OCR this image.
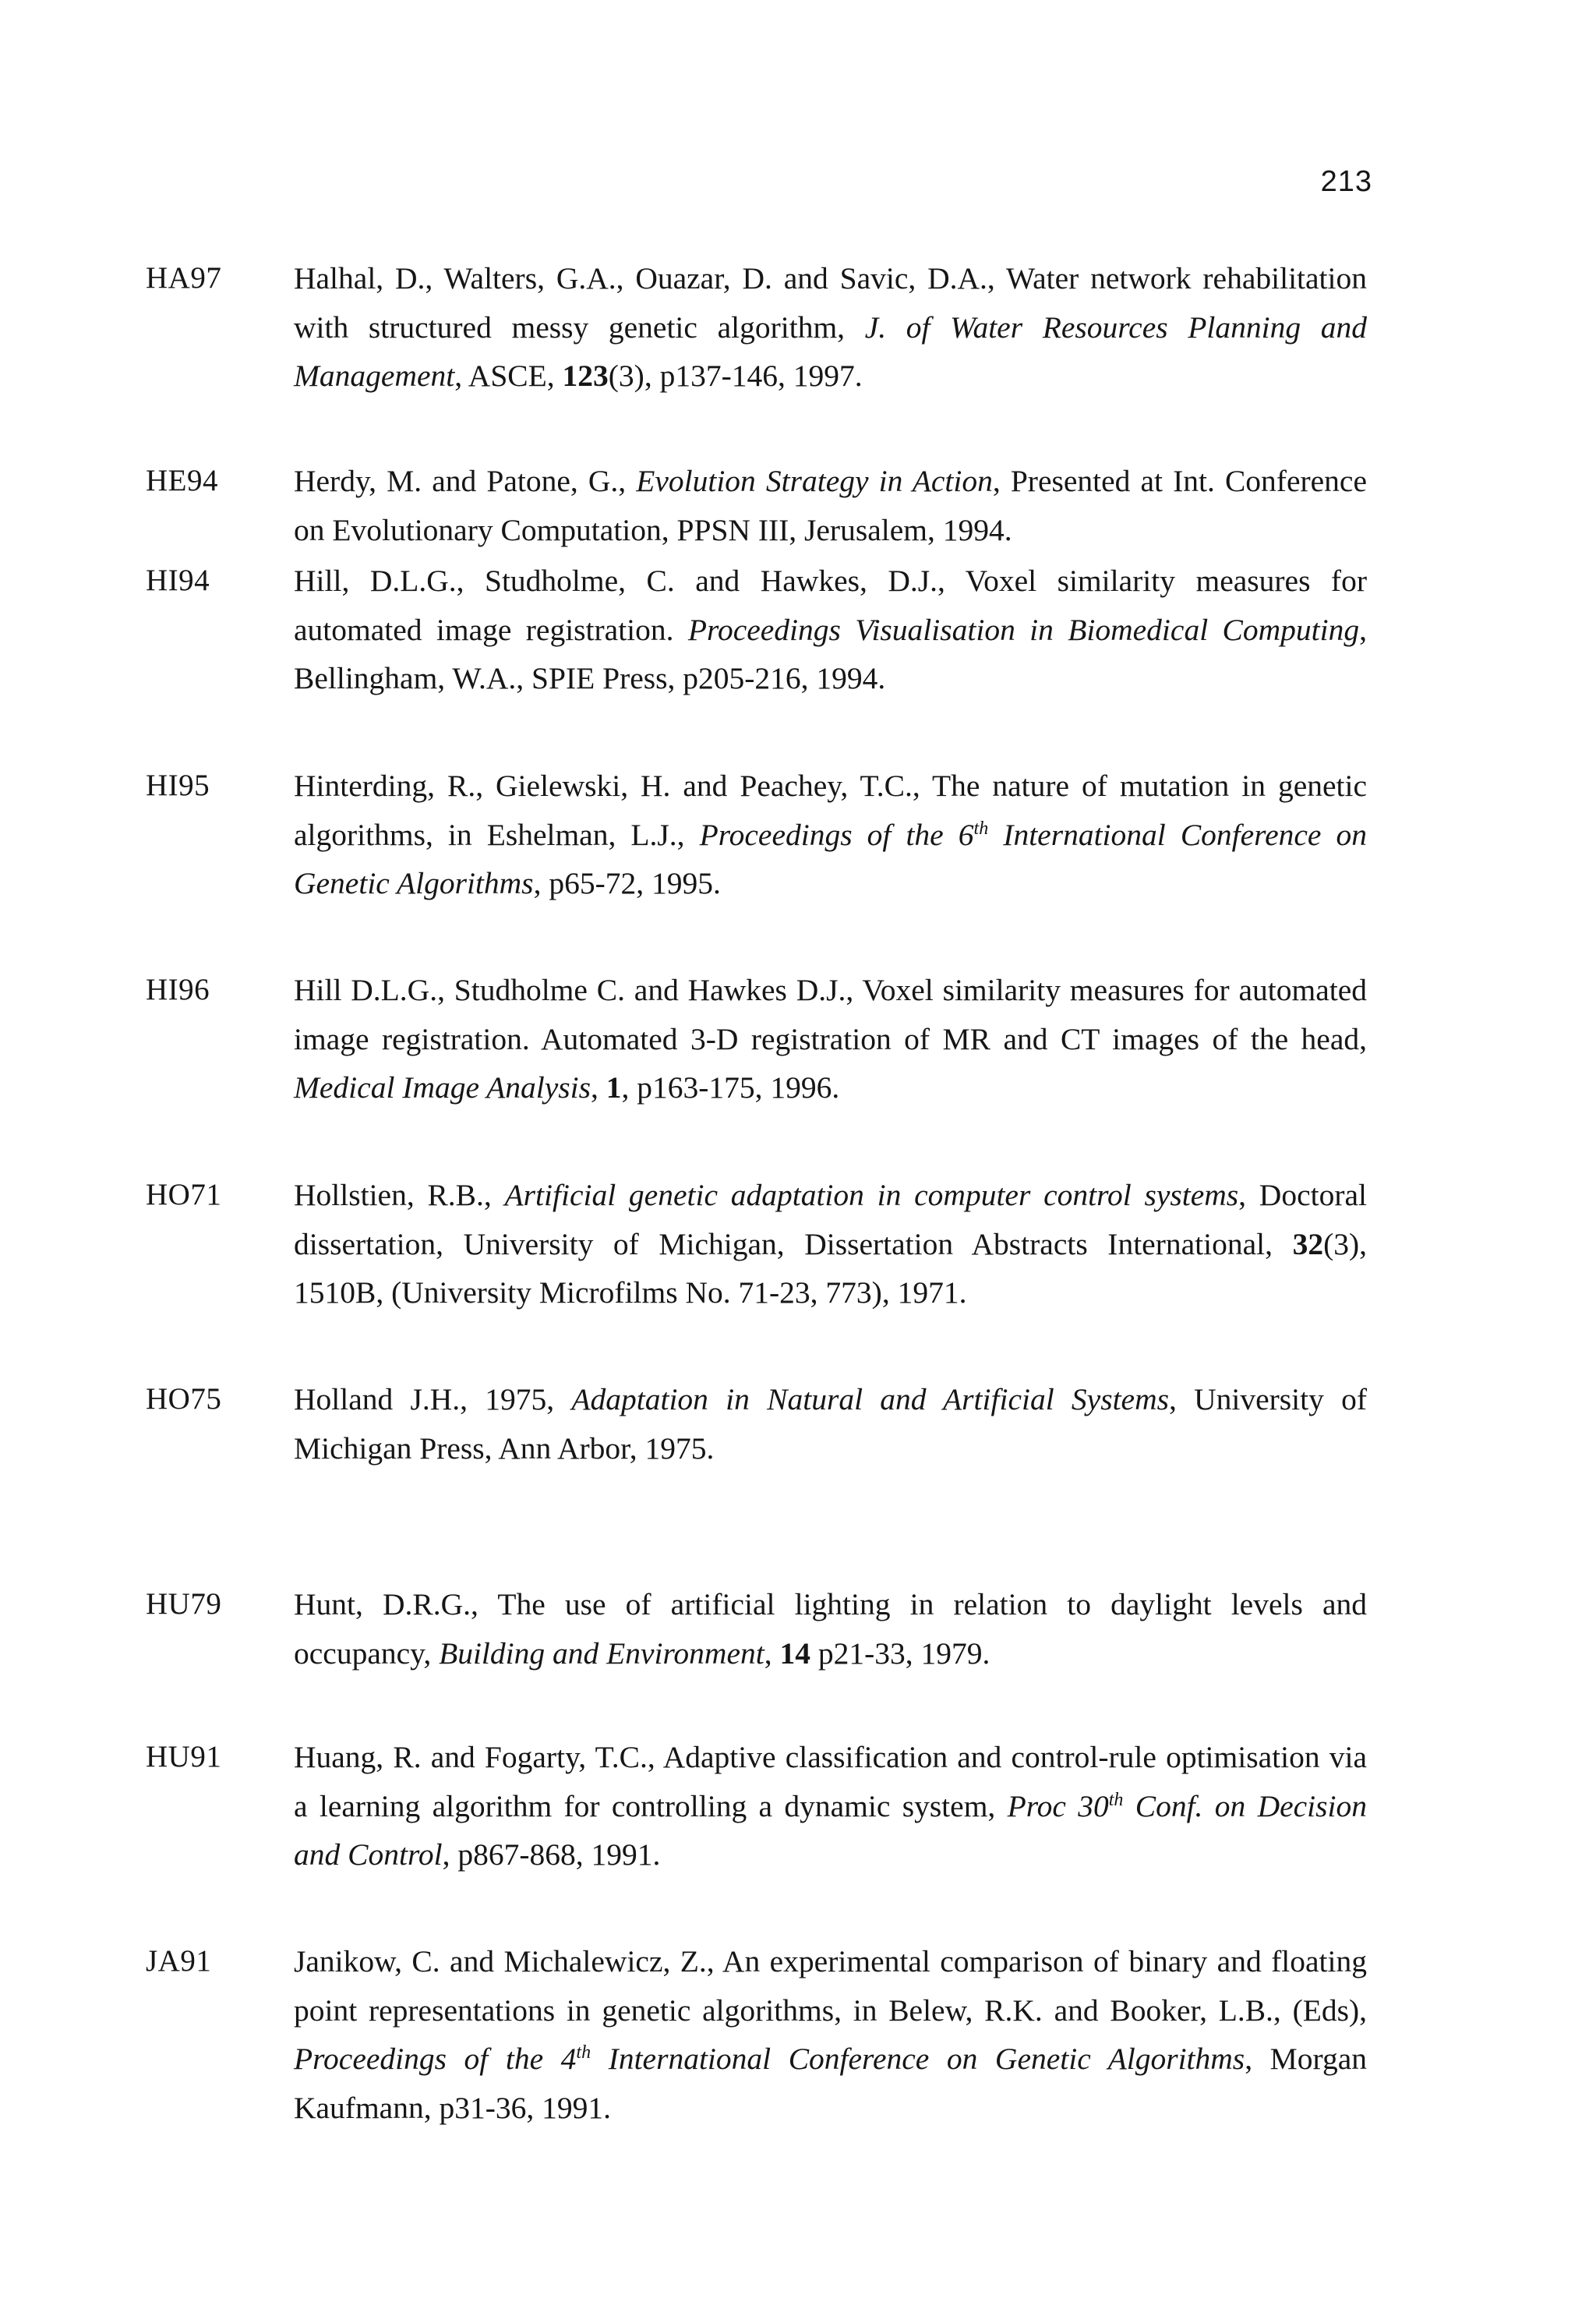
213
HA97 Halhal, D., Walters, G.A., Ouazar, D. and Savic, D.A., Water network rehabilitation with structured messy genetic algorithm, J. of Water Resources Planning and Management, ASCE, 123(3), p137-146, 1997.
HE94 Herdy, M. and Patone, G., Evolution Strategy in Action, Presented at Int. Conference on Evolutionary Computation, PPSN III, Jerusalem, 1994.
HI94	Hill, D.L.G., Studholme, C. and Hawkes, D.J., Voxel similarity measures for automated image registration. Proceedings Visualisation in Biomedical Computing, Bellingham, W.A., SPIE Press, p205-216, 1994.
HI95	Hinterding, R., Gielewski, H. and Peachey, T.C., The nature of mutation in genetic algorithms, in Eshelman, L.J., Proceedings of the 6th International Conference on Genetic Algorithms, p65-72, 1995.
HI96	Hill D.L.G., Studholme C. and Hawkes D.J., Voxel similarity measures for automated image registration. Automated 3-D registration of MR and CT images of the head, Medical Image Analysis, 1, p163-175, 1996.
HO71 Hollstien, R.B., Artificial genetic adaptation in computer control systems, Doctoral dissertation, University of Michigan, Dissertation Abstracts International, 32(3), 1510B, (University Microfilms No. 71-23, 773), 1971.
HO75 Holland J.H., 1975, Adaptation in Natural and Artificial Systems, University of Michigan Press, Ann Arbor, 1975.
HU79 Hunt, D.R.G., The use of artificial lighting in relation to daylight levels and occupancy, Building and Environment, 14 p21-33, 1979.
HU91 Huang, R. and Fogarty, T.C., Adaptive classification and control-rule optimisation via a learning algorithm for controlling a dynamic system, Proc 30th Conf. on Decision and Control, p867-868, 1991.
JA91	Janikow, C. and Michalewicz, Z., An experimental comparison of binary and floating point representations in genetic algorithms, in Belew, R.K. and Booker, L.B., (Eds), Proceedings of the 4th International Conference on Genetic Algorithms, Morgan Kaufmann, p31-36, 1991.
